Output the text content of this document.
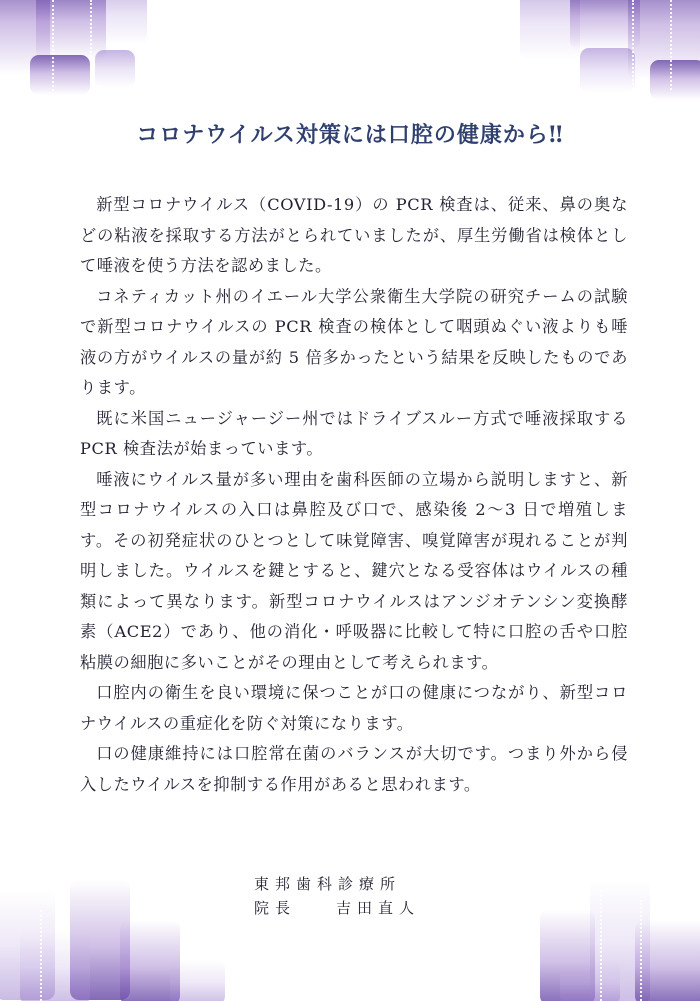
コロナウイルス対策には口腔の健康から‼

新型コロナウイルス（COVID-19）の PCR 検査は、従来、鼻の奥などの粘液を採取する方法がとられていましたが、厚生労働省は検体として唾液を使う方法を認めました。

コネティカット州のイエール大学公衆衛生大学院の研究チームの試験で新型コロナウイルスの PCR 検査の検体として咽頭ぬぐい液よりも唾液の方がウイルスの量が約 5 倍多かったという結果を反映したものであります。

既に米国ニュージャージー州ではドライブスルー方式で唾液採取する PCR 検査法が始まっています。

唾液にウイルス量が多い理由を歯科医師の立場から説明しますと、新型コロナウイルスの入口は鼻腔及び口で、感染後 2～3 日で増殖します。その初発症状のひとつとして味覚障害、嗅覚障害が現れることが判明しました。ウイルスを鍵とすると、鍵穴となる受容体はウイルスの種類によって異なります。新型コロナウイルスはアンジオテンシン変換酵素（ACE2）であり、他の消化・呼吸器に比較して特に口腔の舌や口腔粘膜の細胞に多いことがその理由として考えられます。

口腔内の衛生を良い環境に保つことが口の健康につながり、新型コロナウイルスの重症化を防ぐ対策になります。

口の健康維持には口腔常在菌のバランスが大切です。つまり外から侵入したウイルスを抑制する作用があると思われます。

東邦歯科診療所
院長	吉田直人
